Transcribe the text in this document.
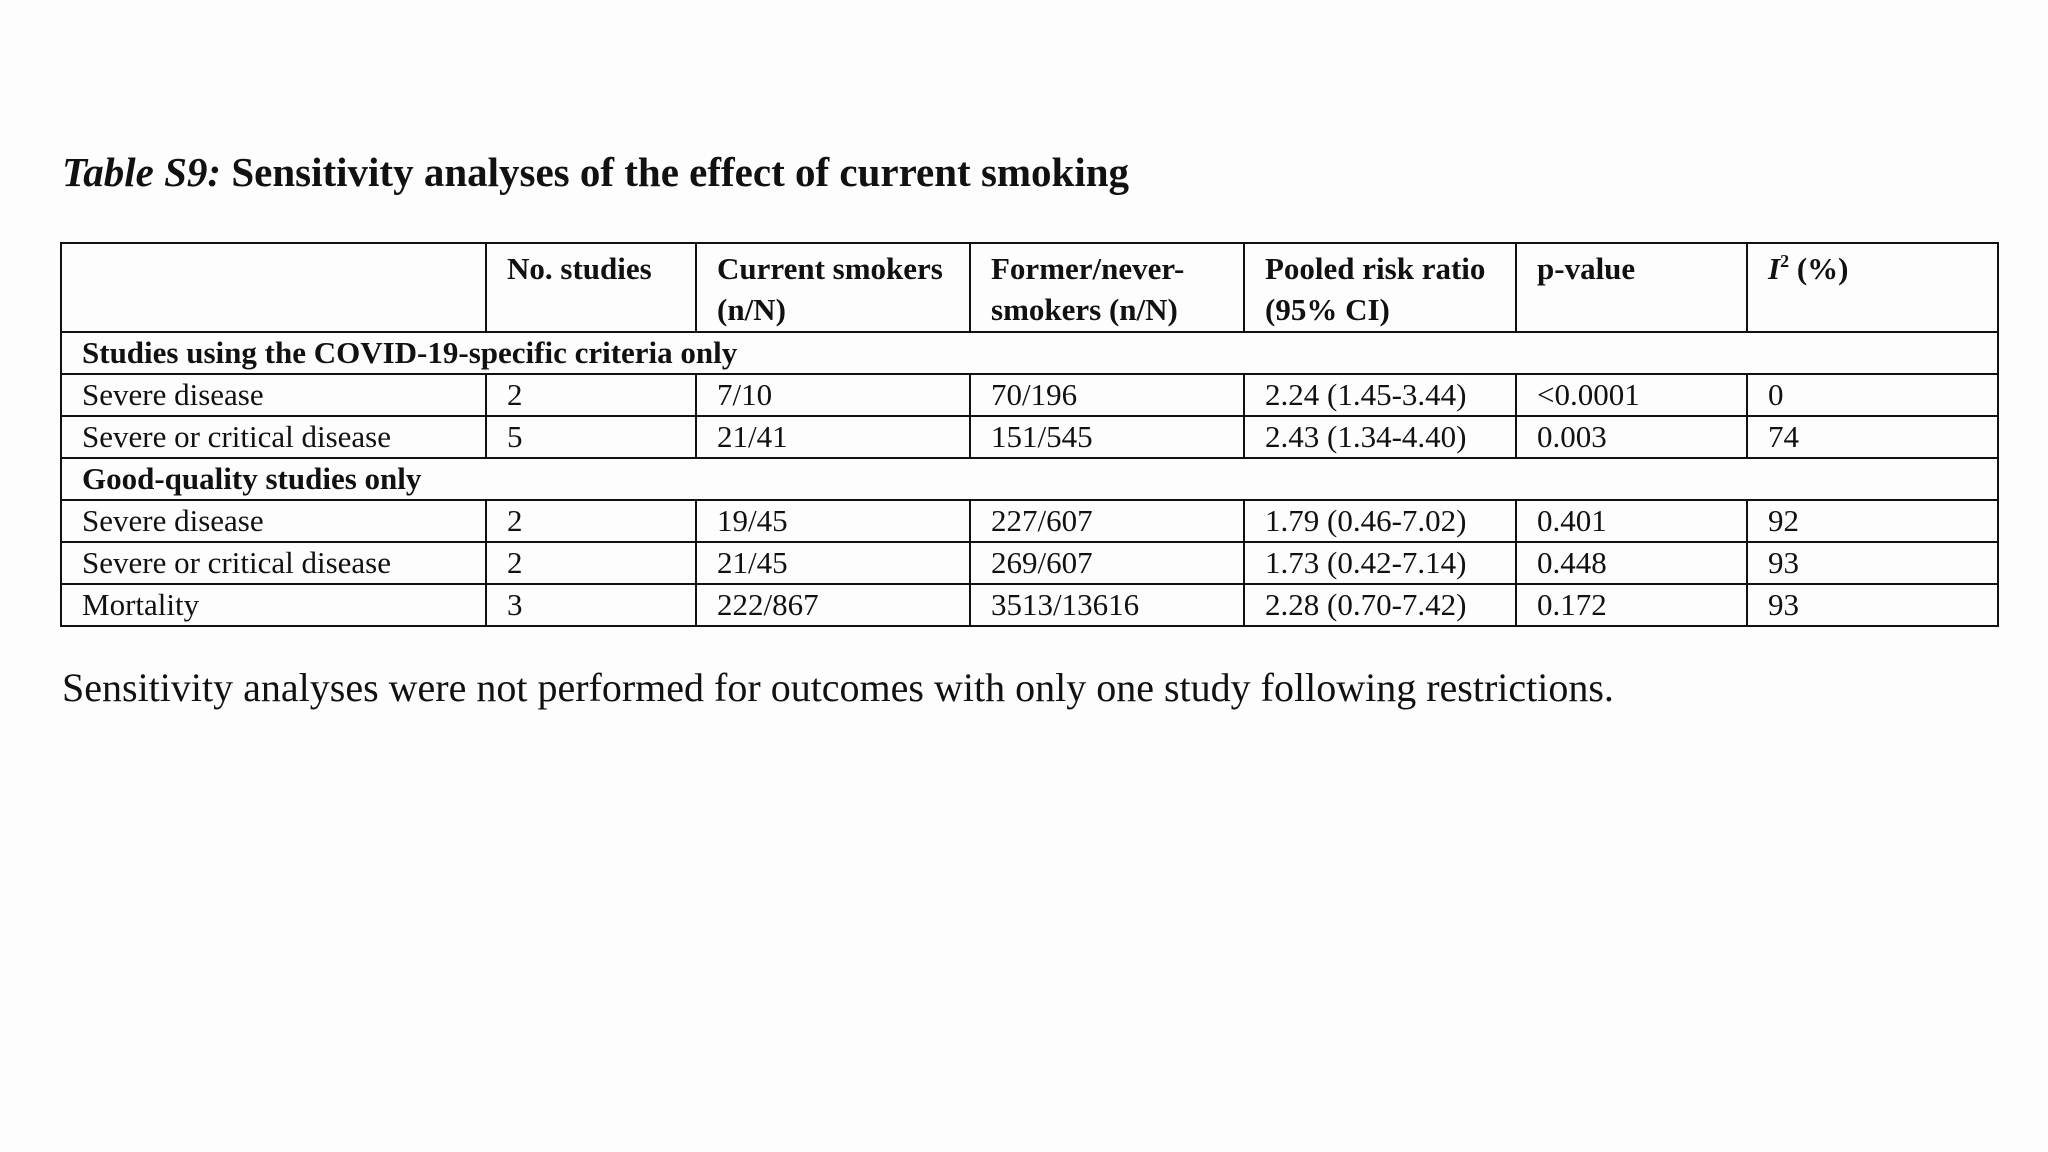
Table S9: Sensitivity analyses of the effect of current smoking
	No. studies	Current smokers (n/N)	Former/never-smokers (n/N)	Pooled risk ratio (95% CI)	p-value	$I^2$ (%)
Studies using the COVID-19-specific criteria only						
Severe disease	2	7/10	70/196	2.24 (1.45-3.44)	<0.0001	0
Severe or critical disease	5	21/41	151/545	2.43 (1.34-4.40)	0.003	74
Good-quality studies only						
Severe disease	2	19/45	227/607	1.79 (0.46-7.02)	0.401	92
Severe or critical disease	2	21/45	269/607	1.73 (0.42-7.14)	0.448	93
Mortality	3	222/867	3513/13616	2.28 (0.70-7.42)	0.172	93
Sensitivity analyses were not performed for outcomes with only one study following restrictions.
